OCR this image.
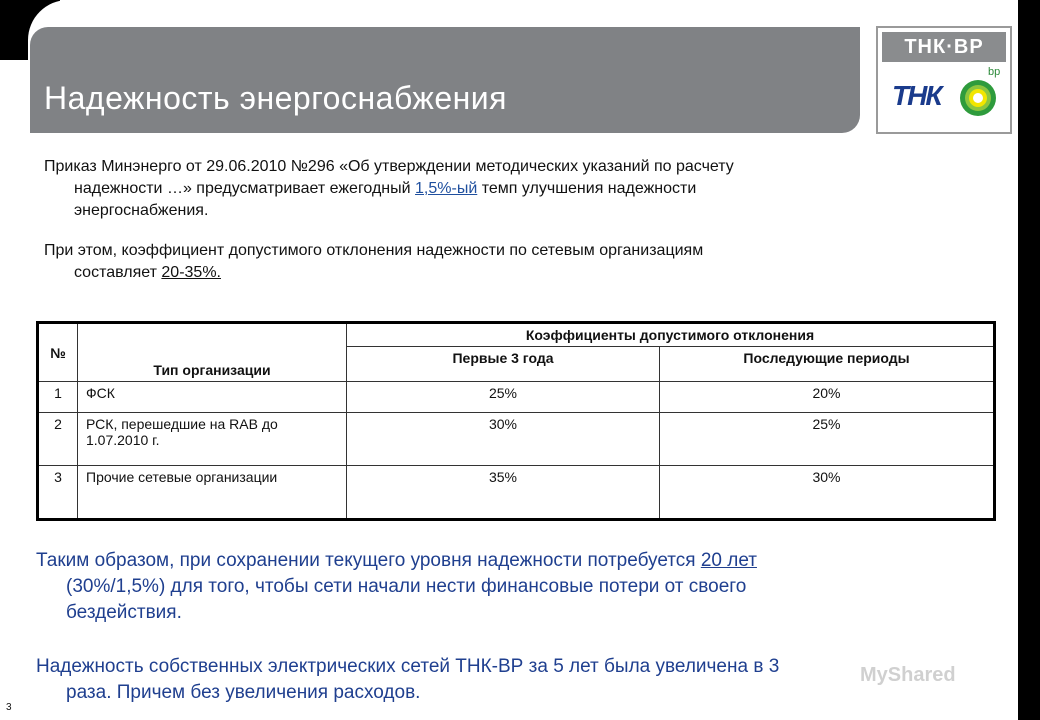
Надежность энергоснабжения
ТНК·ВР
ТНК
bp
Приказ Минэнерго от 29.06.2010 №296 «Об утверждении методических указаний по расчету
надежности …» предусматривает ежегодный 1,5%-ый темп улучшения надежности
энергоснабжения.
При этом, коэффициент допустимого отклонения надежности по сетевым организациям
составляет 20-35%.
№	Тип организации	Коэффициенты допустимого отклонения	
		Первые 3 года	Последующие периоды
1	ФСК	25%	20%
2	РСК, перешедшие на RAB до 1.07.2010 г.	30%	25%
3	Прочие сетевые организации	35%	30%
Таким образом, при сохранении текущего уровня надежности потребуется 20 лет
(30%/1,5%) для того, чтобы сети начали нести финансовые потери от своего
бездействия.
Надежность собственных электрических сетей ТНК-ВР за 5 лет была увеличена в 3
раза. Причем без увеличения расходов.
MyShared
3
